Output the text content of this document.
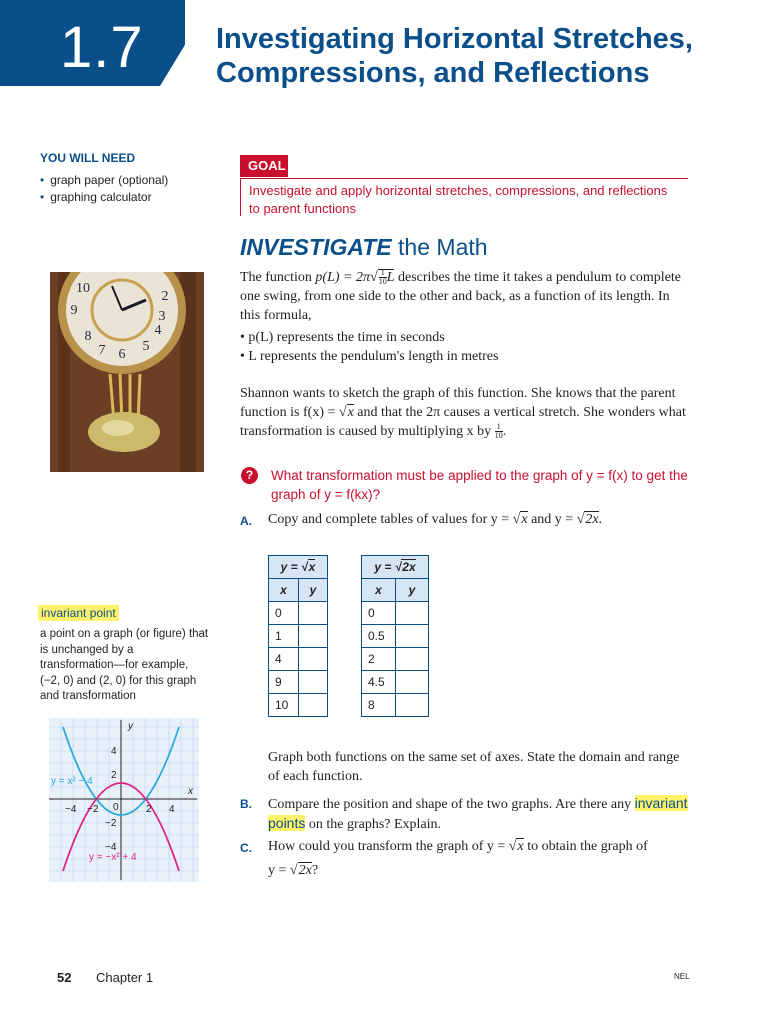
1.7	Investigating Horizontal Stretches, Compressions, and Reflections
YOU WILL NEED
• graph paper (optional)
• graphing calculator
GOAL
Investigate and apply horizontal stretches, compressions, and reflections to parent functions
INVESTIGATE the Math
The function $p(L) = 2\pi√ \frac{1}{10}$ L describes the time it takes a pendulum to complete one swing, from one side to the other and back, as a function of its length. In this formula,
• p(L) represents the time in seconds
• L represents the pendulum's length in metres
Shannon wants to sketch the graph of this function. She knows that the parent function is f(x) = √x and that the 2π causes a vertical stretch. She wonders what transformation is caused by multiplying x by $\frac{1}{10}$ .
10
2
3
9
8
7 6
5
4
?	What transformation must be applied to the graph of y = f(x) to get the graph of y = f(kx)?
A. Copy and complete tables of values for y = √x and y = √2x.
y = √x	
x	y
0	
1	
4	
9	
10	
y = √2x	
x	y
0	
0.5	
2	
4.5	
8	
invariant point
a point on a graph (or figure) that is unchanged by a transformation—for example, (−2, 0) and (2, 0) for this graph and transformation
−4 −2 0	2 4
2
4
−2
−4
x
y
y = x² − 4
y = −x² + 4
Graph both functions on the same set of axes. State the domain and range of each function.
B. Compare the position and shape of the two graphs. Are there any invariant
points on the graphs? Explain.
C. How could you transform the graph of y = √x to obtain the graph of
y = √2x?
52 Chapter 1	NEL
